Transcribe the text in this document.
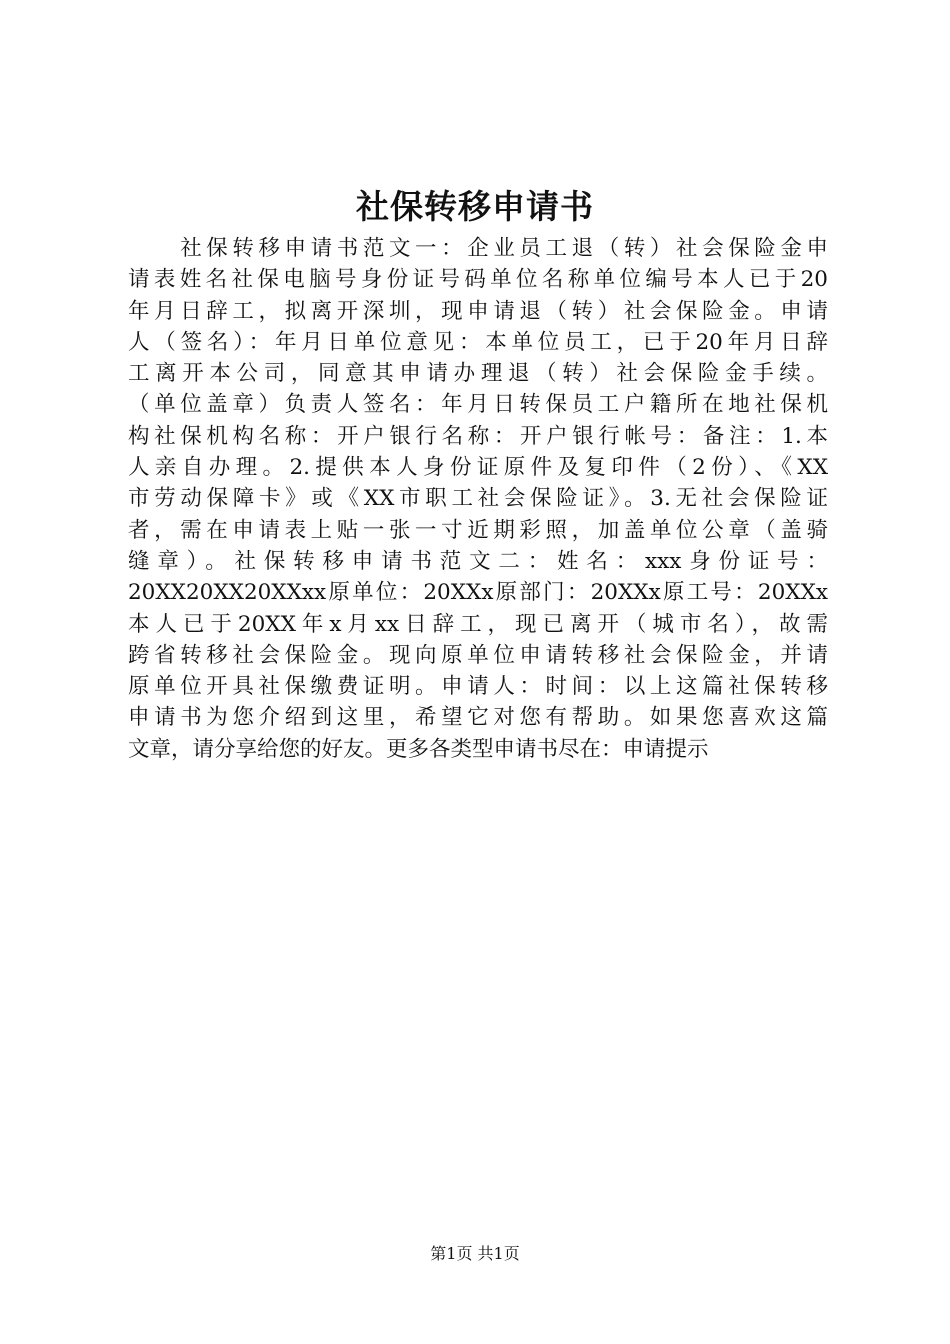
社保转移申请书
　　社保转移申请书范文一：企业员工退（转）社会保险金申
请表姓名社保电脑号身份证号码单位名称单位编号本人已于20
年月日辞工，拟离开深圳，现申请退（转）社会保险金。申请
人（签名）：年月日单位意见：本单位员工，已于20年月日辞
工离开本公司，同意其申请办理退（转）社会保险金手续。
（单位盖章）负责人签名：年月日转保员工户籍所在地社保机
构社保机构名称：开户银行名称：开户银行帐号：备注：1.本
人亲自办理。2.提供本人身份证原件及复印件（2份）、《XX
市劳动保障卡》或《XX市职工社会保险证》。3.无社会保险证
者，需在申请表上贴一张一寸近期彩照，加盖单位公章（盖骑
缝章）。社保转移申请书范文二：姓名：xxx身份证号：
20XX20XX20XXxx原单位：20XXx原部门：20XXx原工号：20XXx
本人已于20XX年x月xx日辞工，现已离开（城市名），故需
跨省转移社会保险金。现向原单位申请转移社会保险金，并请
原单位开具社保缴费证明。申请人：时间：以上这篇社保转移
申请书为您介绍到这里，希望它对您有帮助。如果您喜欢这篇
文章，请分享给您的好友。更多各类型申请书尽在：申请提示
第1页 共1页
